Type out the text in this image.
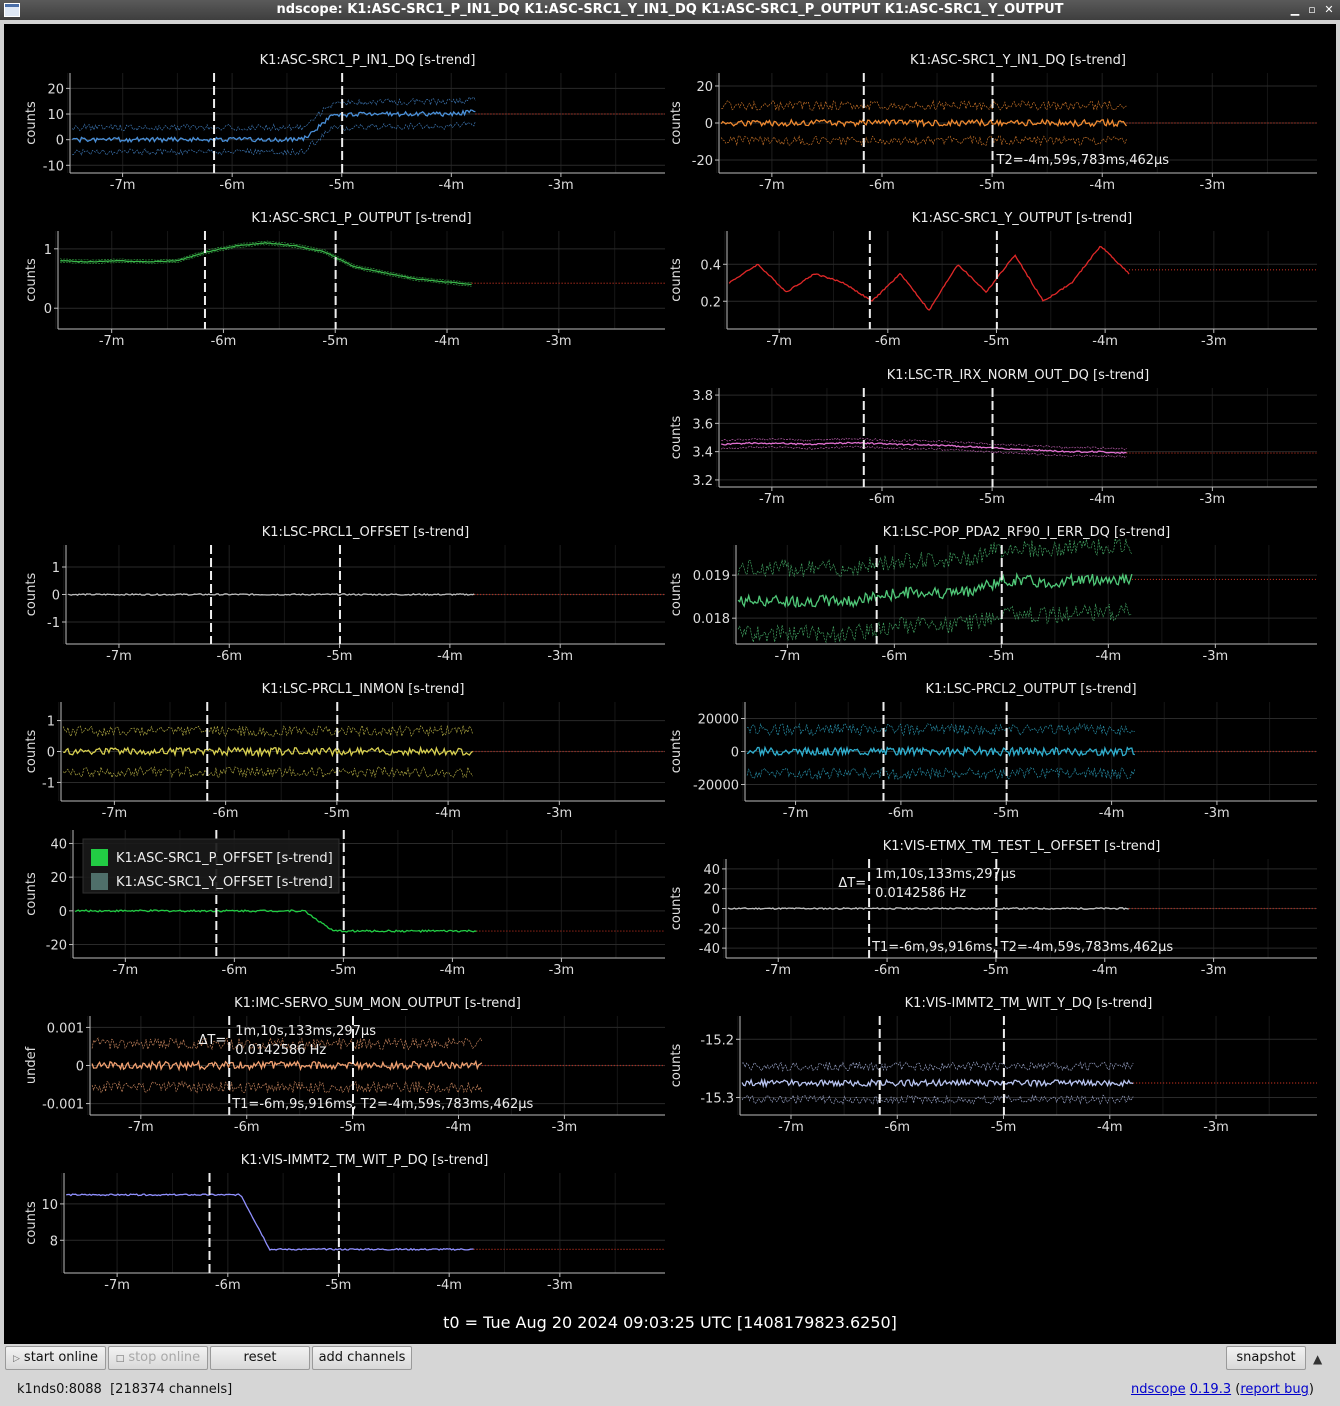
ndscope: K1:ASC-SRC1_P_IN1_DQ K1:ASC-SRC1_Y_IN1_DQ K1:ASC-SRC1_P_OUTPUT K1:ASC-SRC1_Y_OUTPUT	▁ ▫ ✕
-7m	-6m	-5m	-4m	-3m
-10
0
10
20
counts
K1:ASC-SRC1_P_IN1_DQ [s-trend]
-7m	-6m	-5m	-4m	-3m
-20
0
20
counts
K1:ASC-SRC1_Y_IN1_DQ [s-trend]
T2=-4m,59s,783ms,462µs
-7m	-6m	-5m	-4m	-3m
0
1
counts
K1:ASC-SRC1_P_OUTPUT [s-trend]
-7m	-6m	-5m	-4m	-3m
0.2
0.4
counts
K1:ASC-SRC1_Y_OUTPUT [s-trend]
-7m	-6m	-5m	-4m	-3m
3.2
3.4
3.6
3.8
counts
K1:LSC-TR_IRX_NORM_OUT_DQ [s-trend]
-7m	-6m	-5m	-4m	-3m
-1
0
1
counts
K1:LSC-PRCL1_OFFSET [s-trend]
-7m	-6m	-5m	-4m	-3m
0.018
0.019
counts
K1:LSC-POP_PDA2_RF90_I_ERR_DQ [s-trend]
-7m	-6m	-5m	-4m	-3m
-1
0
1
counts
K1:LSC-PRCL1_INMON [s-trend]
-7m	-6m	-5m	-4m	-3m
-20000
0
20000
counts
K1:LSC-PRCL2_OUTPUT [s-trend]
-7m	-6m	-5m	-4m	-3m
-20
0
20
40
counts
K1:ASC-SRC1_P_OFFSET [s-trend]
K1:ASC-SRC1_Y_OFFSET [s-trend]
-7m	-6m	-5m	-4m	-3m
-40
-20
0
20
40
counts
K1:VIS-ETMX_TM_TEST_L_OFFSET [s-trend]
ΔT=
1m,10s,133ms,297µs
0.0142586 Hz
T1=-6m,9s,916ms, T2=-4m,59s,783ms,462µs
-7m	-6m	-5m	-4m	-3m
-0.001
0
0.001
undef
K1:IMC-SERVO_SUM_MON_OUTPUT [s-trend]
ΔT=
1m,10s,133ms,297µs
0.0142586 Hz
T1=-6m,9s,916ms, T2=-4m,59s,783ms,462µs
-7m	-6m	-5m	-4m	-3m
-15.3
-15.2
counts
K1:VIS-IMMT2_TM_WIT_Y_DQ [s-trend]
-7m	-6m	-5m	-4m	-3m
8
10
counts
K1:VIS-IMMT2_TM_WIT_P_DQ [s-trend]
t0 = Tue Aug 20 2024 09:03:25 UTC [1408179823.6250]
▷ start online	□ stop online	reset	add channels	snapshot	▲
k1nds0:8088 [218374 channels]	ndscope 0.19.3 (report bug)
